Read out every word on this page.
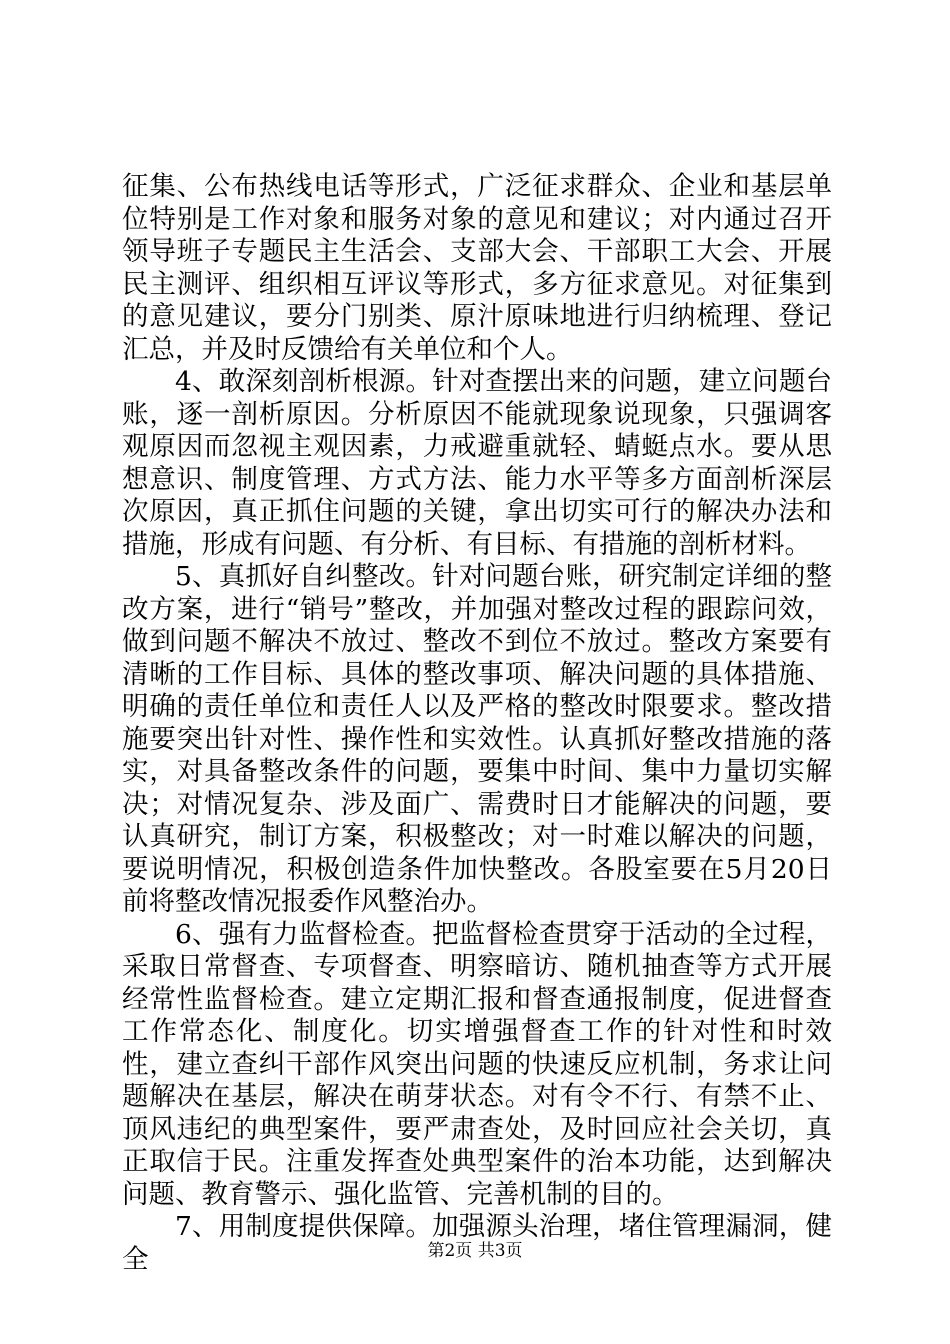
征集、公布热线电话等形式，广泛征求群众、企业和基层单位特别是工作对象和服务对象的意见和建议；对内通过召开领导班子专题民主生活会、支部大会、干部职工大会、开展民主测评、组织相互评议等形式，多方征求意见。对征集到的意见建议，要分门别类、原汁原味地进行归纳梳理、登记汇总，并及时反馈给有关单位和个人。

4、敢深刻剖析根源。针对查摆出来的问题，建立问题台账，逐一剖析原因。分析原因不能就现象说现象，只强调客观原因而忽视主观因素，力戒避重就轻、蜻蜓点水。要从思想意识、制度管理、方式方法、能力水平等多方面剖析深层次原因，真正抓住问题的关键，拿出切实可行的解决办法和措施，形成有问题、有分析、有目标、有措施的剖析材料。

5、真抓好自纠整改。针对问题台账，研究制定详细的整改方案，进行“销号”整改，并加强对整改过程的跟踪问效，做到问题不解决不放过、整改不到位不放过。整改方案要有清晰的工作目标、具体的整改事项、解决问题的具体措施、明确的责任单位和责任人以及严格的整改时限要求。整改措施要突出针对性、操作性和实效性。认真抓好整改措施的落实，对具备整改条件的问题，要集中时间、集中力量切实解决；对情况复杂、涉及面广、需费时日才能解决的问题，要认真研究，制订方案，积极整改；对一时难以解决的问题，要说明情况，积极创造条件加快整改。各股室要在5月20日前将整改情况报委作风整治办。

6、强有力监督检查。把监督检查贯穿于活动的全过程，采取日常督查、专项督查、明察暗访、随机抽查等方式开展经常性监督检查。建立定期汇报和督查通报制度，促进督查工作常态化、制度化。切实增强督查工作的针对性和时效性，建立查纠干部作风突出问题的快速反应机制，务求让问题解决在基层，解决在萌芽状态。对有令不行、有禁不止、顶风违纪的典型案件，要严肃查处，及时回应社会关切，真正取信于民。注重发挥查处典型案件的治本功能，达到解决问题、教育警示、强化监管、完善机制的目的。

7、用制度提供保障。加强源头治理，堵住管理漏洞，健全	第2页 共3页
